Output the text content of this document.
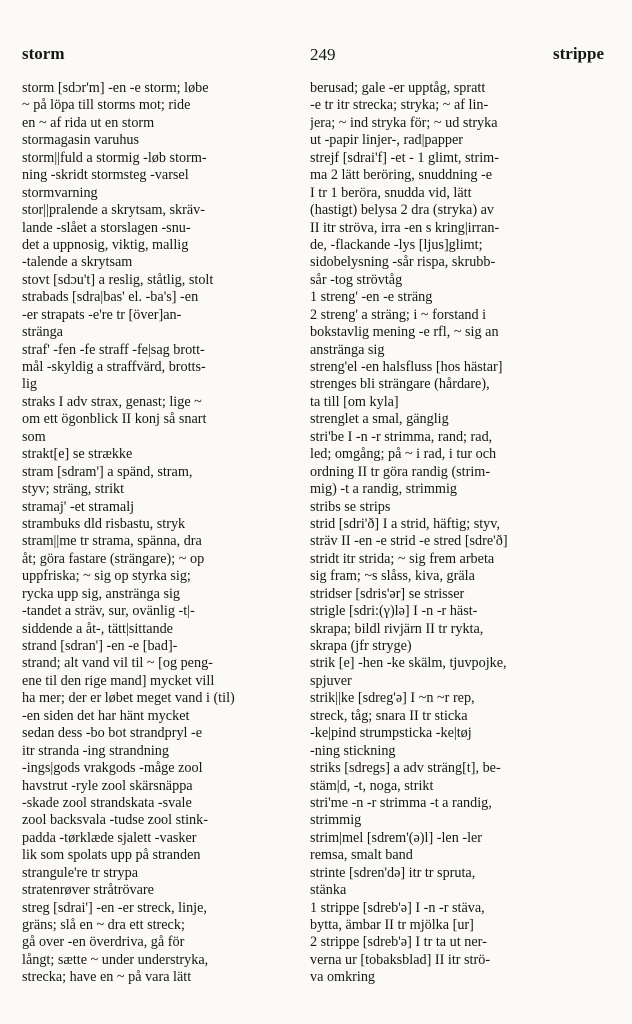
storm	249	strippe
storm [sdɔr'm] -en -e storm; løbe
~ på löpa till storms mot; ride
en ~ af rida ut en storm
stormagasin varuhus
storm||fuld a stormig -løb storm-
ning -skridt stormsteg -varsel
stormvarning
stor||pralende a skrytsam, skräv-
lande -slået a storslagen -snu-
det a uppnosig, viktig, mallig
-talende a skrytsam
stovt [sdɔu't] a reslig, ståtlig, stolt
strabads [sdra|bas' el. -ba's] -en
-er strapats -e're tr [över]an-
stränga
straf' -fen -fe straff -fe|sag brott-
mål -skyldig a straffvärd, brotts-
lig
straks I adv strax, genast; lige ~
om ett ögonblick II konj så snart
som
strakt[e] se strække
stram [sdram'] a spänd, stram,
styv; sträng, strikt
stramaj' -et stramalj
strambuks dld risbastu, stryk
stram||me tr strama, spänna, dra
åt; göra fastare (strängare); ~ op
uppfriska; ~ sig op styrka sig;
rycka upp sig, anstränga sig
-tandet a sträv, sur, ovänlig -t|-
siddende a åt-, tätt|sittande
strand [sdran'] -en -e [bad]-
strand; alt vand vil til ~ [og peng-
ene til den rige mand] mycket vill
ha mer; der er løbet meget vand i (til)
-en siden det har hänt mycket
sedan dess -bo bot strandpryl -e
itr stranda -ing strandning
-ings|gods vrakgods -måge zool
havstrut -ryle zool skärsnäppa
-skade zool strandskata -svale
zool backsvala -tudse zool stink-
padda -tørklæde sjalett -vasker
lik som spolats upp på stranden
strangule're tr strypa
stratenrøver stråtrövare
streg [sdrai'] -en -er streck, linje,
gräns; slå en ~ dra ett streck;
gå over -en överdriva, gå för
långt; sætte ~ under understryka,
strecka; have en ~ på vara lätt
berusad; gale -er upptåg, spratt
-e tr itr strecka; stryka; ~ af lin-
jera; ~ ind stryka för; ~ ud stryka
ut -papir linjer-, rad|papper
strejf [sdrai'f] -et - 1 glimt, strim-
ma 2 lätt beröring, snuddning -e
I tr 1 beröra, snudda vid, lätt
(hastigt) belysa 2 dra (stryka) av
II itr ströva, irra -en s kring|irran-
de, -flackande -lys [ljus]glimt;
sidobelysning -sår rispa, skrubb-
sår -tog strövtåg
1 streng' -en -e sträng
2 streng' a sträng; i ~ forstand i
bokstavlig mening -e rfl, ~ sig an
anstränga sig
streng'el -en halsfluss [hos hästar]
strenges bli strängare (hårdare),
ta till [om kyla]
strenglet a smal, gänglig
stri'be I -n -r strimma, rand; rad,
led; omgång; på ~ i rad, i tur och
ordning II tr göra randig (strim-
mig) -t a randig, strimmig
stribs se strips
strid [sdri'ð] I a strid, häftig; styv,
sträv II -en -e strid -e stred [sdre'ð]
stridt itr strida; ~ sig frem arbeta
sig fram; ~s slåss, kiva, gräla
stridser [sdris'ər] se strisser
strigle [sdri:(γ)lə] I -n -r häst-
skrapa; bildl rivjärn II tr rykta,
skrapa (jfr stryge)
strik [e] -hen -ke skälm, tjuvpojke,
spjuver
strik||ke [sdreg'ə] I ~n ~r rep,
streck, tåg; snara II tr sticka
-ke|pind strumpsticka -ke|tøj
-ning stickning
striks [sdregs] a adv sträng[t], be-
stäm|d, -t, noga, strikt
stri'me -n -r strimma -t a randig,
strimmig
strim|mel [sdrem'(ə)l] -len -ler
remsa, smalt band
strinte [sdren'də] itr tr spruta,
stänka
1 strippe [sdreb'ə] I -n -r stäva,
bytta, ämbar II tr mjölka [ur]
2 strippe [sdreb'ə] I tr ta ut ner-
verna ur [tobaksblad] II itr strö-
va omkring
